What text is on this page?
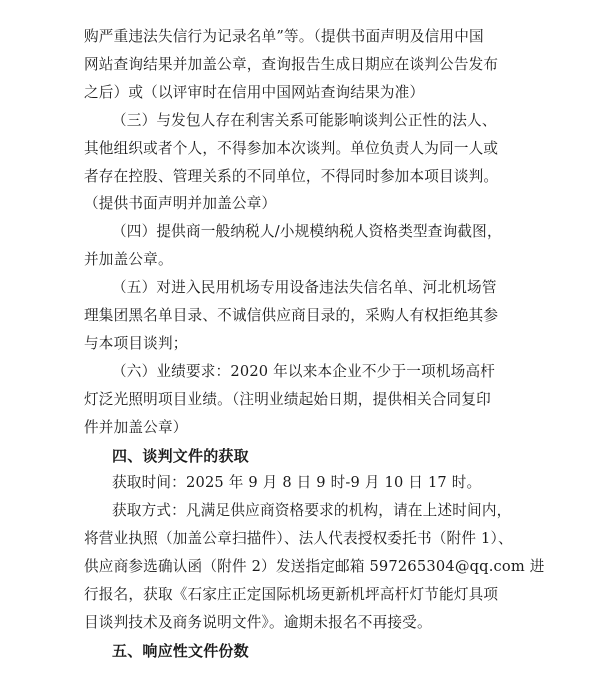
购严重违法失信行为记录名单”等。（提供书面声明及信用中国
网站查询结果并加盖公章，查询报告生成日期应在谈判公告发布
之后）或（以评审时在信用中国网站查询结果为准）
（三）与发包人存在利害关系可能影响谈判公正性的法人、
其他组织或者个人，不得参加本次谈判。单位负责人为同一人或
者存在控股、管理关系的不同单位，不得同时参加本项目谈判。
（提供书面声明并加盖公章）
（四）提供商一般纳税人/小规模纳税人资格类型查询截图，
并加盖公章。
（五）对进入民用机场专用设备违法失信名单、河北机场管
理集团黑名单目录、不诚信供应商目录的，采购人有权拒绝其参
与本项目谈判；
（六）业绩要求：2020 年以来本企业不少于一项机场高杆
灯泛光照明项目业绩。（注明业绩起始日期，提供相关合同复印
件并加盖公章）
四、谈判文件的获取
获取时间：2025 年 9 月 8 日 9 时-9 月 10 日 17 时。
获取方式：凡满足供应商资格要求的机构，请在上述时间内，
将营业执照（加盖公章扫描件）、法人代表授权委托书（附件 1）、
供应商参选确认函（附件 2）发送指定邮箱 597265304@qq.com 进
行报名，获取《石家庄正定国际机场更新机坪高杆灯节能灯具项
目谈判技术及商务说明文件》。逾期未报名不再接受。
五、响应性文件份数
